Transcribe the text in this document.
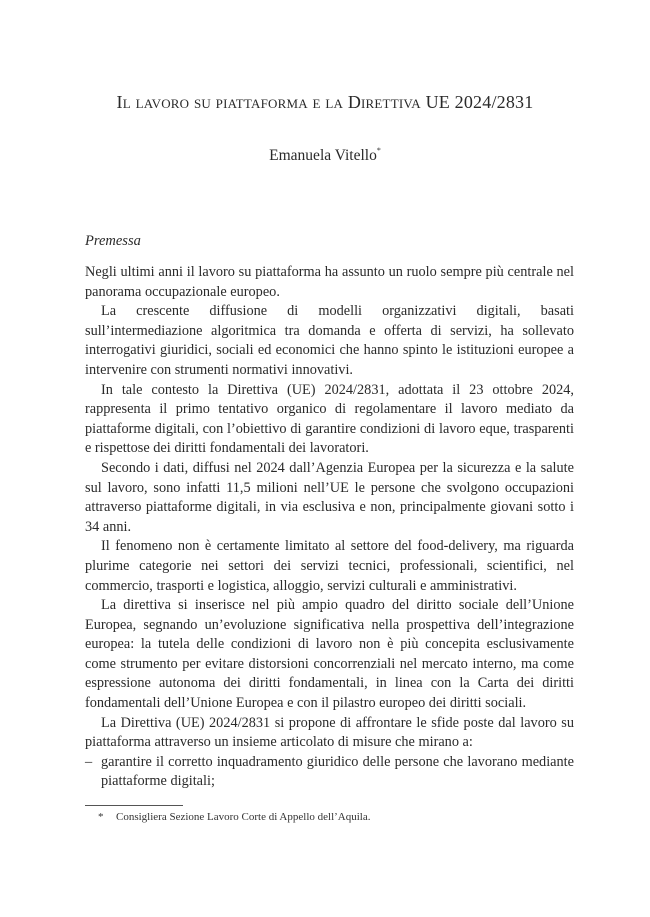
Il lavoro su piattaforma e la Direttiva UE 2024/2831
Emanuela Vitello*
Premessa

Negli ultimi anni il lavoro su piattaforma ha assunto un ruolo sempre più centrale nel panorama occupazionale europeo.

La crescente diffusione di modelli organizzativi digitali, basati sull’intermediazione algoritmica tra domanda e offerta di servizi, ha sollevato interrogativi giuridici, sociali ed economici che hanno spinto le istituzioni europee a intervenire con strumenti normativi innovativi.

In tale contesto la Direttiva (UE) 2024/2831, adottata il 23 ottobre 2024, rappresenta il primo tentativo organico di regolamentare il lavoro mediato da piattaforme digitali, con l’obiettivo di garantire condizioni di lavoro eque, trasparenti e rispettose dei diritti fondamentali dei lavoratori.

Secondo i dati, diffusi nel 2024 dall’Agenzia Europea per la sicurezza e la salute sul lavoro, sono infatti 11,5 milioni nell’UE le persone che svolgono occupazioni attraverso piattaforme digitali, in via esclusiva e non, principalmente giovani sotto i 34 anni.

Il fenomeno non è certamente limitato al settore del food-delivery, ma riguarda plurime categorie nei settori dei servizi tecnici, professionali, scientifici, nel commercio, trasporti e logistica, alloggio, servizi culturali e amministrativi.

La direttiva si inserisce nel più ampio quadro del diritto sociale dell’Unione Europea, segnando un’evoluzione significativa nella prospettiva dell’integrazione europea: la tutela delle condizioni di lavoro non è più concepita esclusivamente come strumento per evitare distorsioni concorrenziali nel mercato interno, ma come espressione autonoma dei diritti fondamentali, in linea con la Carta dei diritti fondamentali dell’Unione Europea e con il pilastro europeo dei diritti sociali.

La Direttiva (UE) 2024/2831 si propone di affrontare le sfide poste dal lavoro su piattaforma attraverso un insieme articolato di misure che mirano a:

– garantire il corretto inquadramento giuridico delle persone che lavorano mediante piattaforme digitali;
* Consigliera Sezione Lavoro Corte di Appello dell’Aquila.
